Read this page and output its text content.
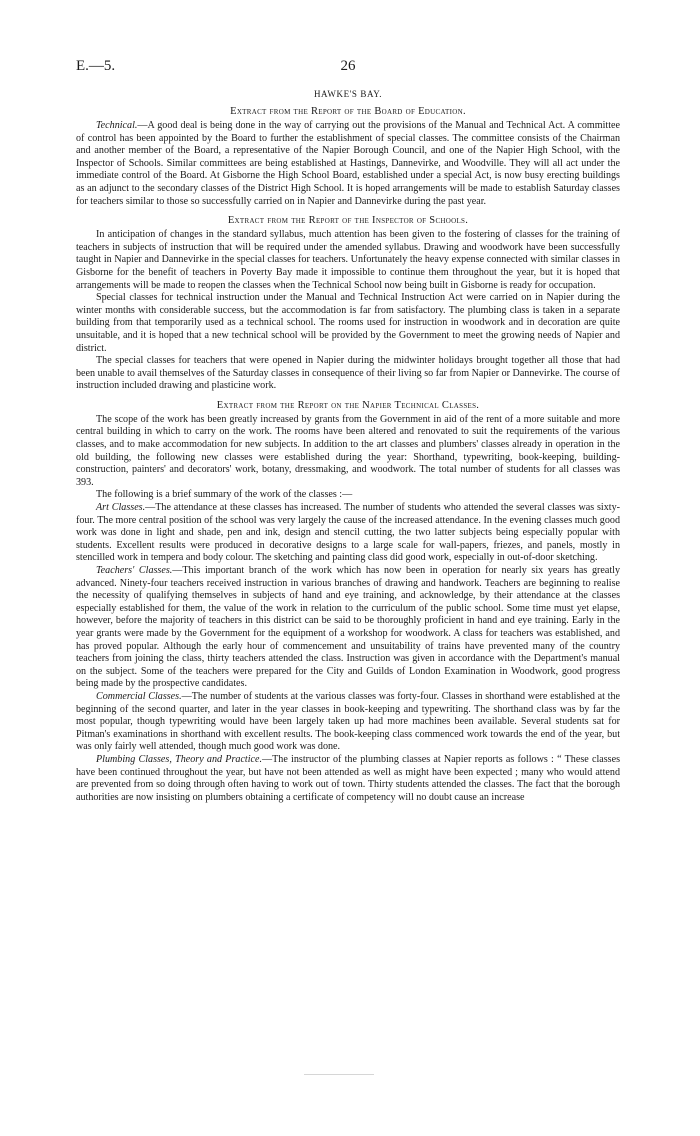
E.—5.	26
HAWKE'S BAY.
Extract from the Report of the Board of Education.

Technical.—A good deal is being done in the way of carrying out the provisions of the Manual and Technical Act. A committee of control has been appointed by the Board to further the establishment of special classes. The committee consists of the Chairman and another member of the Board, a representative of the Napier Borough Council, and one of the Napier High School, with the Inspector of Schools. Similar committees are being established at Hastings, Dannevirke, and Woodville. They will all act under the immediate control of the Board. At Gisborne the High School Board, established under a special Act, is now busy erecting buildings as an adjunct to the secondary classes of the District High School. It is hoped arrangements will be made to establish Saturday classes for teachers similar to those so successfully carried on in Napier and Dannevirke during the past year.

Extract from the Report of the Inspector of Schools.

In anticipation of changes in the standard syllabus, much attention has been given to the fostering of classes for the training of teachers in subjects of instruction that will be required under the amended syllabus. Drawing and woodwork have been successfully taught in Napier and Dannevirke in the special classes for teachers. Unfortunately the heavy expense connected with similar classes in Gisborne for the benefit of teachers in Poverty Bay made it impossible to continue them throughout the year, but it is hoped that arrangements will be made to reopen the classes when the Technical School now being built in Gisborne is ready for occupation.

Special classes for technical instruction under the Manual and Technical Instruction Act were carried on in Napier during the winter months with considerable success, but the accommodation is far from satisfactory. The plumbing class is taken in a separate building from that temporarily used as a technical school. The rooms used for instruction in woodwork and in decoration are quite unsuitable, and it is hoped that a new technical school will be provided by the Government to meet the growing needs of Napier and district.

The special classes for teachers that were opened in Napier during the midwinter holidays brought together all those that had been unable to avail themselves of the Saturday classes in consequence of their living so far from Napier or Dannevirke. The course of instruction included drawing and plasticine work.

Extract from the Report on the Napier Technical Classes.

The scope of the work has been greatly increased by grants from the Government in aid of the rent of a more suitable and more central building in which to carry on the work. The rooms have been altered and renovated to suit the requirements of the various classes, and to make accommodation for new subjects. In addition to the art classes and plumbers' classes already in operation in the old building, the following new classes were established during the year: Shorthand, typewriting, book-keeping, building-construction, painters' and decorators' work, botany, dressmaking, and woodwork. The total number of students for all classes was 393.

The following is a brief summary of the work of the classes :—

Art Classes.—The attendance at these classes has increased. The number of students who attended the several classes was sixty-four. The more central position of the school was very largely the cause of the increased attendance. In the evening classes much good work was done in light and shade, pen and ink, design and stencil cutting, the two latter subjects being especially popular with students. Excellent results were produced in decorative designs to a large scale for wall-papers, friezes, and panels, mostly in stencilled work in tempera and body colour. The sketching and painting class did good work, especially in out-of-door sketching.

Teachers' Classes.—This important branch of the work which has now been in operation for nearly six years has greatly advanced. Ninety-four teachers received instruction in various branches of drawing and handwork. Teachers are beginning to realise the necessity of qualifying themselves in subjects of hand and eye training, and acknowledge, by their attendance at the classes especially established for them, the value of the work in relation to the curriculum of the public school. Some time must yet elapse, however, before the majority of teachers in this district can be said to be thoroughly proficient in hand and eye training. Early in the year grants were made by the Government for the equipment of a workshop for woodwork. A class for teachers was established, and has proved popular. Although the early hour of commencement and unsuitability of trains have prevented many of the country teachers from joining the class, thirty teachers attended the class. Instruction was given in accordance with the Department's manual on the subject. Some of the teachers were prepared for the City and Guilds of London Examination in Woodwork, good progress being made by the prospective candidates.

Commercial Classes.—The number of students at the various classes was forty-four. Classes in shorthand were established at the beginning of the second quarter, and later in the year classes in book-keeping and typewriting. The shorthand class was by far the most popular, though typewriting would have been largely taken up had more machines been available. Several students sat for Pitman's examinations in shorthand with excellent results. The book-keeping class commenced work towards the end of the year, but was only fairly well attended, though much good work was done.

Plumbing Classes, Theory and Practice.—The instructor of the plumbing classes at Napier reports as follows : “ These classes have been continued throughout the year, but have not been attended as well as might have been expected ; many who would attend are prevented from so doing through often having to work out of town. Thirty students attended the classes. The fact that the borough authorities are now insisting on plumbers obtaining a certificate of competency will no doubt cause an increase
